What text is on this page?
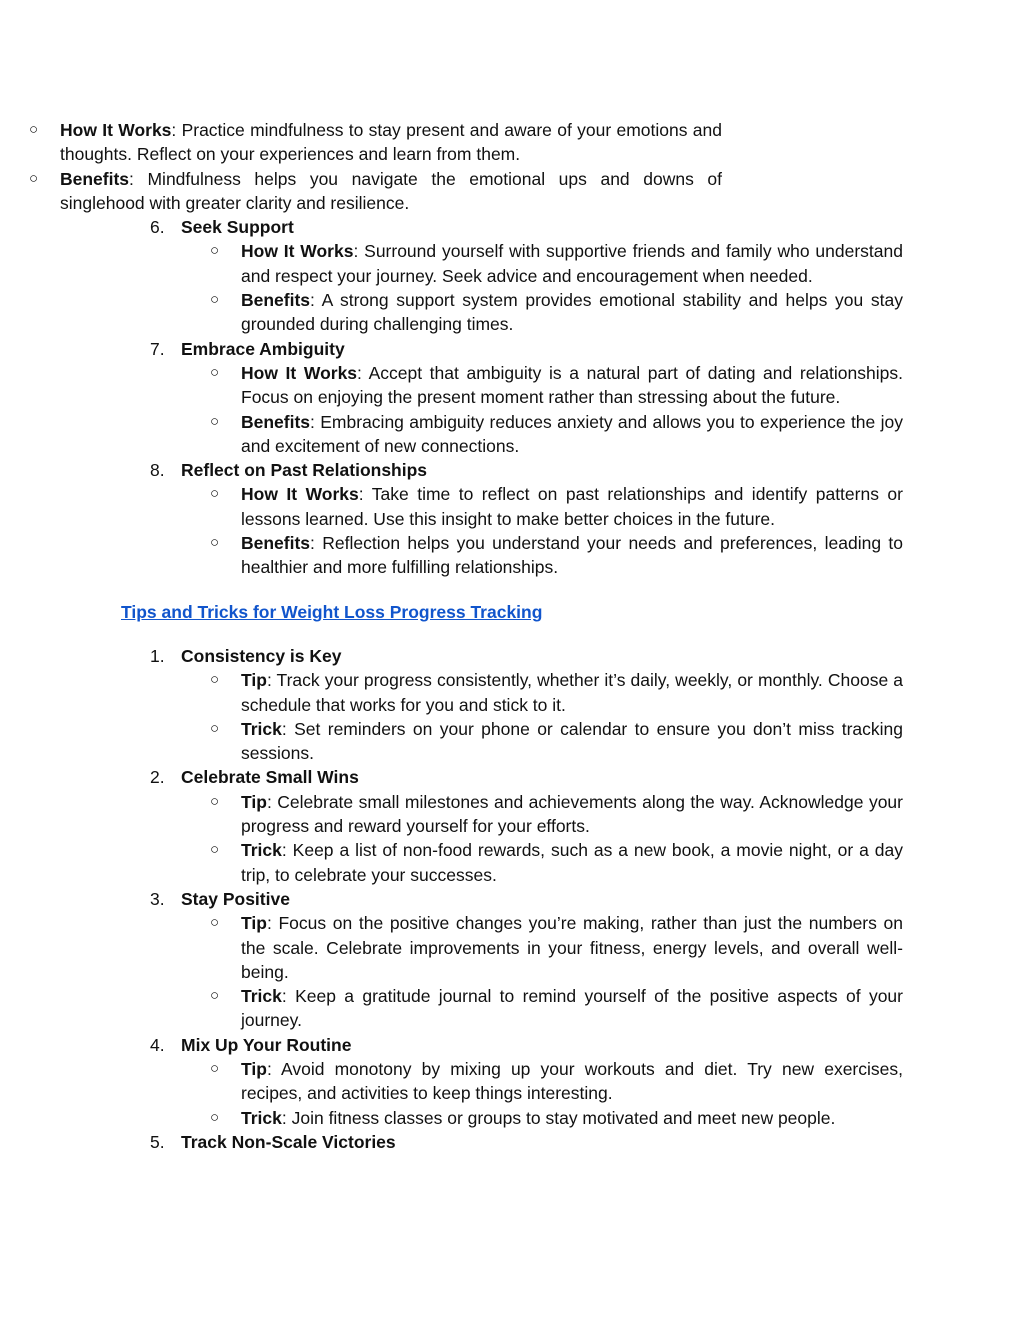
○ How It Works: Practice mindfulness to stay present and aware of your emotions and thoughts. Reflect on your experiences and learn from them.
○ Benefits: Mindfulness helps you navigate the emotional ups and downs of singlehood with greater clarity and resilience.
6. Seek Support
○ How It Works: Surround yourself with supportive friends and family who understand and respect your journey. Seek advice and encouragement when needed.
○ Benefits: A strong support system provides emotional stability and helps you stay grounded during challenging times.
7. Embrace Ambiguity
○ How It Works: Accept that ambiguity is a natural part of dating and relationships. Focus on enjoying the present moment rather than stressing about the future.
○ Benefits: Embracing ambiguity reduces anxiety and allows you to experience the joy and excitement of new connections.
8. Reflect on Past Relationships
○ How It Works: Take time to reflect on past relationships and identify patterns or lessons learned. Use this insight to make better choices in the future.
○ Benefits: Reflection helps you understand your needs and preferences, leading to healthier and more fulfilling relationships.
Tips and Tricks for Weight Loss Progress Tracking
1. Consistency is Key
○ Tip: Track your progress consistently, whether it’s daily, weekly, or monthly. Choose a schedule that works for you and stick to it.
○ Trick: Set reminders on your phone or calendar to ensure you don’t miss tracking sessions.
2. Celebrate Small Wins
○ Tip: Celebrate small milestones and achievements along the way. Acknowledge your progress and reward yourself for your efforts.
○ Trick: Keep a list of non-food rewards, such as a new book, a movie night, or a day trip, to celebrate your successes.
3. Stay Positive
○ Tip: Focus on the positive changes you’re making, rather than just the numbers on the scale. Celebrate improvements in your fitness, energy levels, and overall well-being.
○ Trick: Keep a gratitude journal to remind yourself of the positive aspects of your journey.
4. Mix Up Your Routine
○ Tip: Avoid monotony by mixing up your workouts and diet. Try new exercises, recipes, and activities to keep things interesting.
○ Trick: Join fitness classes or groups to stay motivated and meet new people.
5. Track Non-Scale Victories
